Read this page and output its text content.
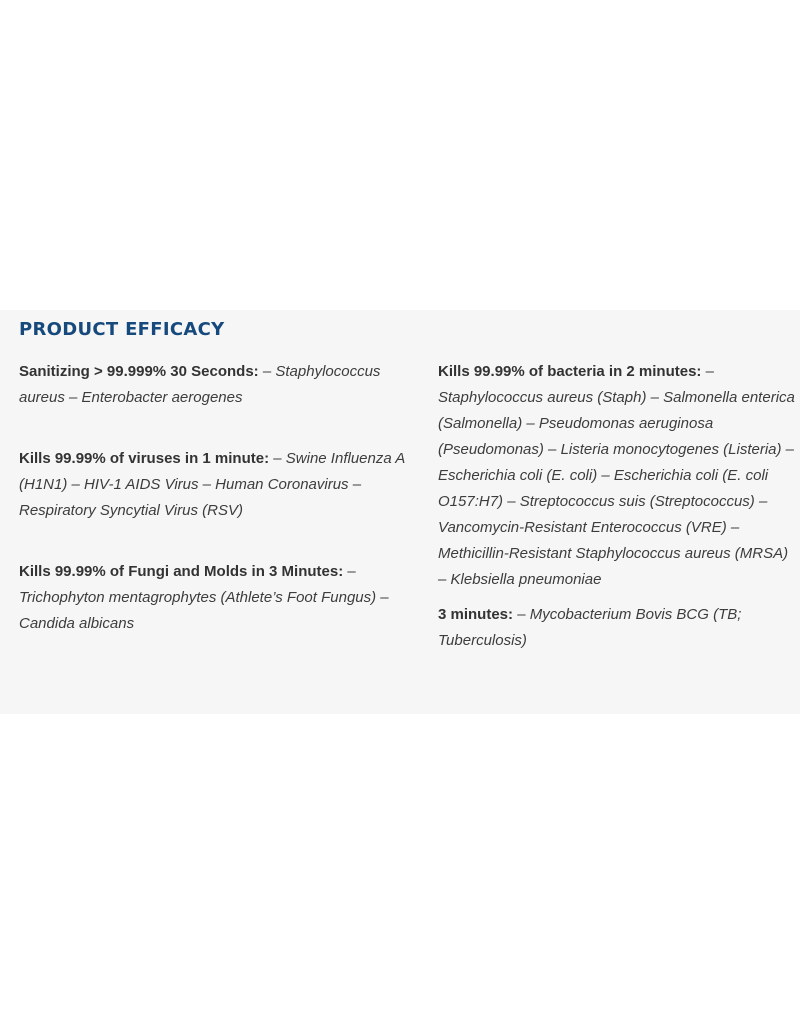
PRODUCT EFFICACY

Sanitizing > 99.999% 30 Seconds: – Staphylococcus aureus – Enterobacter aerogenes

Kills 99.99% of viruses in 1 minute: – Swine Influenza A (H1N1) – HIV-1 AIDS Virus – Human Coronavirus – Respiratory Syncytial Virus (RSV)

Kills 99.99% of Fungi and Molds in 3 Minutes: – Trichophyton mentagrophytes (Athlete’s Foot Fungus) – Candida albicans

Kills 99.99% of bacteria in 2 minutes: – Staphylococcus aureus (Staph) – Salmonella enterica (Salmonella) – Pseudomonas aeruginosa (Pseudomonas) – Listeria monocytogenes (Listeria) – Escherichia coli (E. coli) – Escherichia coli (E. coli O157:H7) – Streptococcus suis (Streptococcus) – Vancomycin-Resistant Enterococcus (VRE) – Methicillin-Resistant Staphylococcus aureus (MRSA) – Klebsiella pneumoniae

3 minutes: – Mycobacterium Bovis BCG (TB; Tuberculosis)
